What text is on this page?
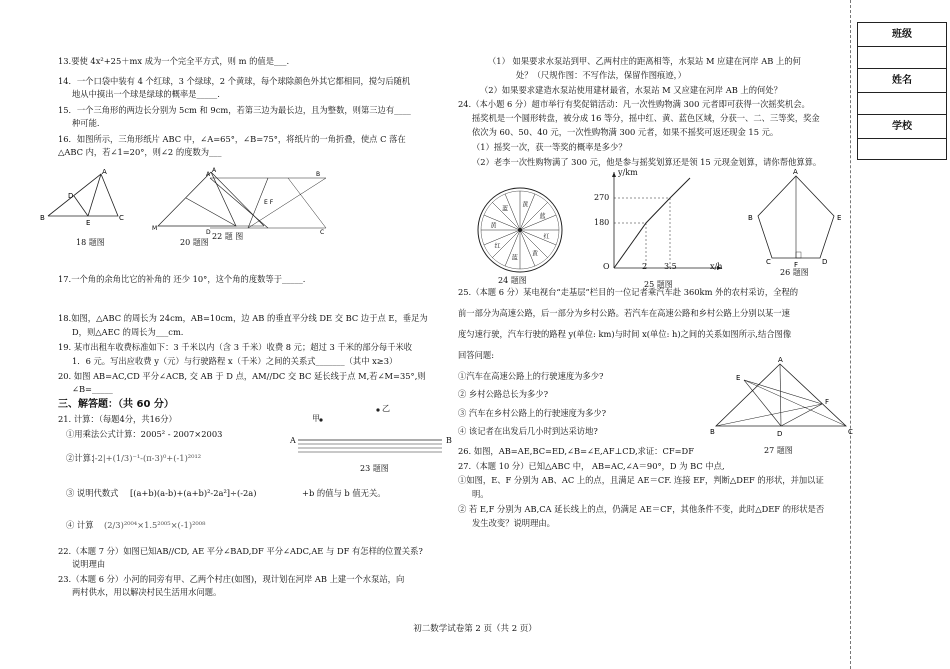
13.要使 4x²+25＋mx 成为一个完全平方式，则 m 的值是___.
14．一个口袋中装有 4 个红球，3 个绿球，2 个黄球，每个球除颜色外其它都相同，搅匀后随机
地从中摸出一个球是绿球的概率是_____.
15．一个三角形的两边长分别为 5cm 和 9cm，若第三边为最长边，且为整数，则第三边有____
种可能.
16．如图所示，三角形纸片 ABC 中，∠A=65°，∠B=75°，将纸片的一角折叠，使点 C 落在
△ABC 内，若∠1=20°，则∠2 的度数为___
A
B
D
E
C
18 题图
A
M
20 题图
A	B
E F
D	C
22 题 图
17.一个角的余角比它的补角的 还少 10°，这个角的度数等于_____.
18.如图，△ABC 的周长为 24cm，AB=10cm，边 AB 的垂直平分线 DE 交 BC 边于点 E，垂足为
D，则△AEC 的周长为___cm.
19. 某市出租车收费标准如下：3 千米以内（含 3 千米）收费 8 元；超过 3 千米的部分每千米收
1．6 元。写出应收费 y（元）与行驶路程 x（千米）之间的关系式_______（其中 x≥3）
20. 如图 AB=AC,CD 平分∠ACB, 交 AB 于 D 点，AM//DC 交 BC 延长线于点 M,若∠M=35°,则
∠B=_____
三、解答题：（共 60 分）
21. 计算：（每题4分，共16分）
①用乘法公式计算：2005² - 2007×2003
②计算：
|-2|+(1/3)⁻¹-(π-3)⁰+(-1)²⁰¹²
③ 说明代数式 [(a+b)(a-b)+(a+b)²-2a²]÷(-2a)	+b 的值与 b 值无关。
④ 计算 (2/3)²⁰⁰⁴×1.5²⁰⁰⁵×(-1)²⁰⁰⁸
22.（本题 7 分）如图已知AB//CD, AE 平分∠BAD,DF 平分∠ADC,AE 与 DF 有怎样的位置关系?
说明理由
23.（本题 6 分）小河的同旁有甲、乙两个村庄(如图)，现计划在河岸 AB 上建一个水泵站，向
两村供水，用以解决村民生活用水问题。
甲
乙
A	B
23 题图
（1） 如果要求水泵站到甲、乙两村庄的距离相等，水泵站 M 应建在河岸 AB 上的何
处？（尺规作图：不写作法，保留作图痕迹，）
（2）如果要求建造水泵站使用建材最省，水泵站 M 又应建在河岸 AB 上的何处？
24.（本小题 6 分）超市举行有奖促销活动：凡一次性购物满 300 元者即可获得一次摇奖机会。
摇奖机是一个圆形转盘，被分成 16 等分，摇中红、黄、蓝色区域，分获一、二、三等奖，奖金
依次为 60、50、40 元，一次性购物满 300 元者，如果不摇奖可返还现金 15 元。
（1）摇奖一次，获一等奖的概率是多少？
（2）老李一次性购物满了 300 元，他是参与摇奖划算还是领 15 元现金划算，请你帮他算算。
黄
蓝
红
黄
蓝
红
黄
蓝
24 题图
y/km
x/h
270
180
2 3.5
O
25 题图
A
B	E
C	D
F
26 题图
25.（本题 6 分）某电视台“走基层”栏目的一位记者乘汽车赴 360km 外的农村采访，全程的
前一部分为高速公路，后一部分为乡村公路。若汽车在高速公路和乡村公路上分别以某一速
度匀速行驶，汽车行驶的路程 y(单位: km)与时间 x(单位: h)之间的关系如图所示,结合图像
回答问题:
①汽车在高速公路上的行驶速度为多少?
② 乡村公路总长为多少?
③ 汽车在乡村公路上的行驶速度为多少?
④ 该记者在出发后几小时到达采访地?
A
E
F
B	D	C
26. 如图，AB=AE,BC=ED,∠B=∠E,AF⊥CD,求证：CF=DF	27 题图
27.（本题 10 分）已知△ABC 中， AB=AC,∠A＝90°，D 为 BC 中点,
①如图，E、F 分别为 AB、AC 上的点，且满足 AE＝CF. 连接 EF，判断△DEF 的形状，并加以证
明。
② 若 E,F 分别为 AB,CA 延长线上的点，仍满足 AE＝CF，其他条件不变，此时△DEF 的形状是否
发生改变？说明理由。
班级
姓名
学校
初二数学试卷第 2 页（共 2 页）
